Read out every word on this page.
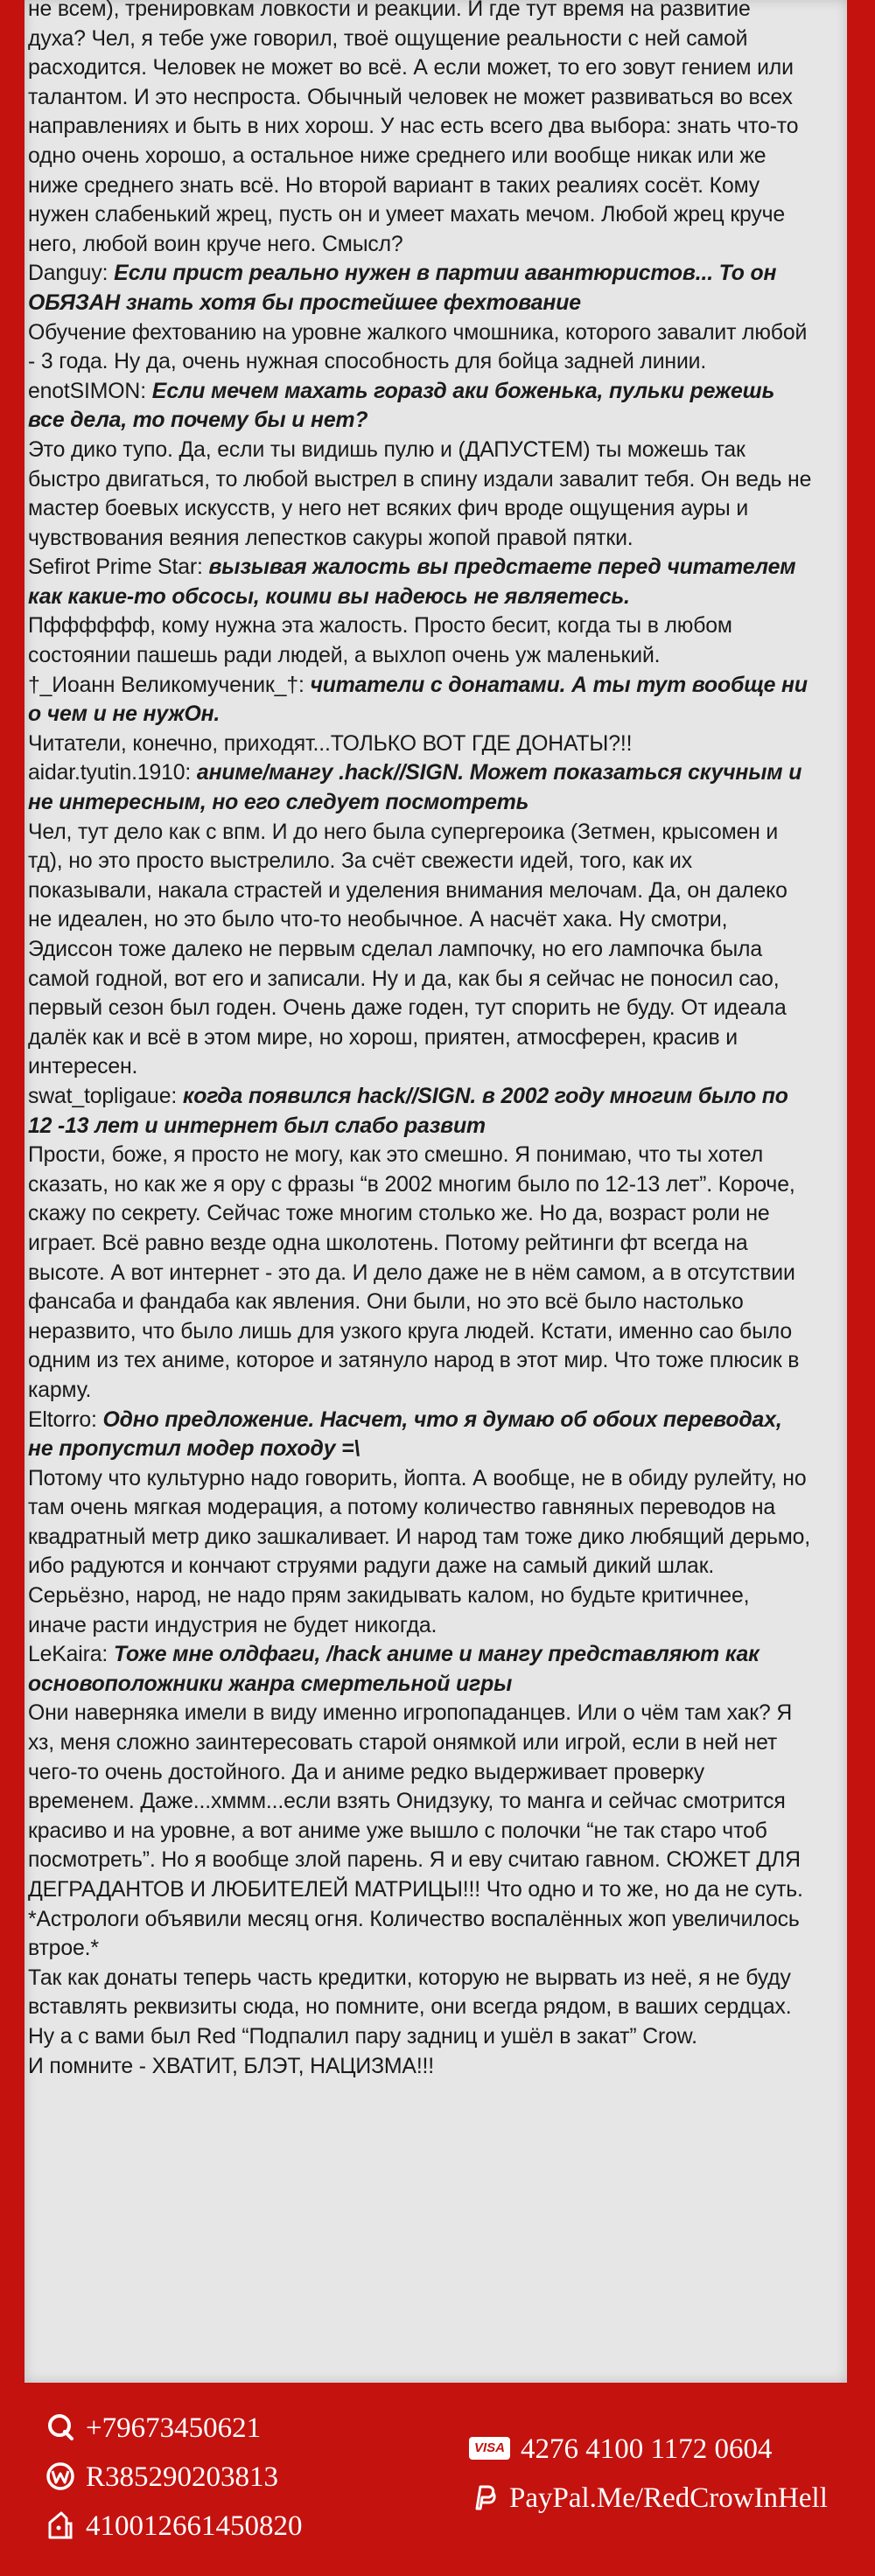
не всем), тренировкам ловкости и реакции. И где тут время на развитие
духа? Чел, я тебе уже говорил, твоё ощущение реальности с ней самой
расходится. Человек не может во всё. А если может, то его зовут гением или
талантом. И это неспроста. Обычный человек не может развиваться во всех
направлениях и быть в них хорош. У нас есть всего два выбора: знать что-то
одно очень хорошо, а остальное ниже среднего или вообще никак или же
ниже среднего знать всё. Но второй вариант в таких реалиях сосёт. Кому
нужен слабенький жрец, пусть он и умеет махать мечом. Любой жрец круче
него, любой воин круче него. Смысл?

Danguy: Если прист реально нужен в партии авантюристов... То он
ОБЯЗАН знать хотя бы простейшее фехтование
Обучение фехтованию на уровне жалкого чмошника, которого завалит любой
- 3 года. Ну да, очень нужная способность для бойца задней линии.

enotSIMON: Если мечем махать горазд аки боженька, пульки режешь
все дела, то почему бы и нет?
Это дико тупо. Да, если ты видишь пулю и (ДАПУСТЕМ) ты можешь так
быстро двигаться, то любой выстрел в спину издали завалит тебя. Он ведь не
мастер боевых искусств, у него нет всяких фич вроде ощущения ауры и
чувствования веяния лепестков сакуры жопой правой пятки.

Sefirot Prime Star: вызывая жалость вы предстаете перед читателем
как какие-то обсосы, коими вы надеюсь не являетесь.
Пфффффф, кому нужна эта жалость. Просто бесит, когда ты в любом
состоянии пашешь ради людей, а выхлоп очень уж маленький.

†_Иоанн Великомученик_†: читатели с донатами. А ты тут вообще ни
о чем и не нужОн.
Читатели, конечно, приходят...ТОЛЬКО ВОТ ГДЕ ДОНАТЫ?!!

aidar.tyutin.1910: аниме/мангу .hack//SIGN. Может показаться скучным и
не интересным, но его следует посмотреть
Чел, тут дело как с впм. И до него была супергероика (Зетмен, крысомен и
тд), но это просто выстрелило. За счёт свежести идей, того, как их
показывали, накала страстей и уделения внимания мелочам. Да, он далеко
не идеален, но это было что-то необычное. А насчёт хака. Ну смотри,
Эдиссон тоже далеко не первым сделал лампочку, но его лампочка была
самой годной, вот его и записали. Ну и да, как бы я сейчас не поносил сао,
первый сезон был годен. Очень даже годен, тут спорить не буду. От идеала
далёк как и всё в этом мире, но хорош, приятен, атмосферен, красив и
интересен.

swat_topligaue: когда появился hack//SIGN. в 2002 году многим было по
12 -13 лет и интернет был слабо развит
Прости, боже, я просто не могу, как это смешно. Я понимаю, что ты хотел
сказать, но как же я ору с фразы “в 2002 многим было по 12-13 лет”. Короче,
скажу по секрету. Сейчас тоже многим столько же. Но да, возраст роли не
играет. Всё равно везде одна школотень. Потому рейтинги фт всегда на
высоте. А вот интернет - это да. И дело даже не в нём самом, а в отсутствии
фансаба и фандаба как явления. Они были, но это всё было настолько
неразвито, что было лишь для узкого круга людей. Кстати, именно сао было
одним из тех аниме, которое и затянуло народ в этот мир. Что тоже плюсик в
карму.

Eltorro: Одно предложение. Насчет, что я думаю об обоих переводах,
не пропустил модер походу =\
Потому что культурно надо говорить, йопта. А вообще, не в обиду рулейту, но
там очень мягкая модерация, а потому количество гавняных переводов на
квадратный метр дико зашкаливает. И народ там тоже дико любящий дерьмо,
ибо радуются и кончают струями радуги даже на самый дикий шлак.
Серьёзно, народ, не надо прям закидывать калом, но будьте критичнее,
иначе расти индустрия не будет никогда.

LeKaira: Тоже мне олдфаги, /hack аниме и мангу представляют как
основоположники жанра смертельной игры
Они наверняка имели в виду именно игропопаданцев. Или о чём там хак? Я
хз, меня сложно заинтересовать старой онямкой или игрой, если в ней нет
чего-то очень достойного. Да и аниме редко выдерживает проверку
временем. Даже...хммм...если взять Онидзуку, то манга и сейчас смотрится
красиво и на уровне, а вот аниме уже вышло с полочки “не так старо чтоб
посмотреть”. Но я вообще злой парень. Я и еву считаю гавном. СЮЖЕТ ДЛЯ
ДЕГРАДАНТОВ И ЛЮБИТЕЛЕЙ МАТРИЦЫ!!! Что одно и то же, но да не суть.
*Астрологи объявили месяц огня. Количество воспалённых жоп увеличилось
втрое.*

Так как донаты теперь часть кредитки, которую не вырвать из неё, я не буду
вставлять реквизиты сюда, но помните, они всегда рядом, в ваших сердцах.
Ну а с вами был Red “Подпалил пару задниц и ушёл в закат” Crow.
И помните - ХВАТИТ, БЛЭТ, НАЦИЗМА!!!

+79673450621
R385290203813
410012661450820
VISA 4276 4100 1172 0604
PayPal.Me/RedCrowInHell
